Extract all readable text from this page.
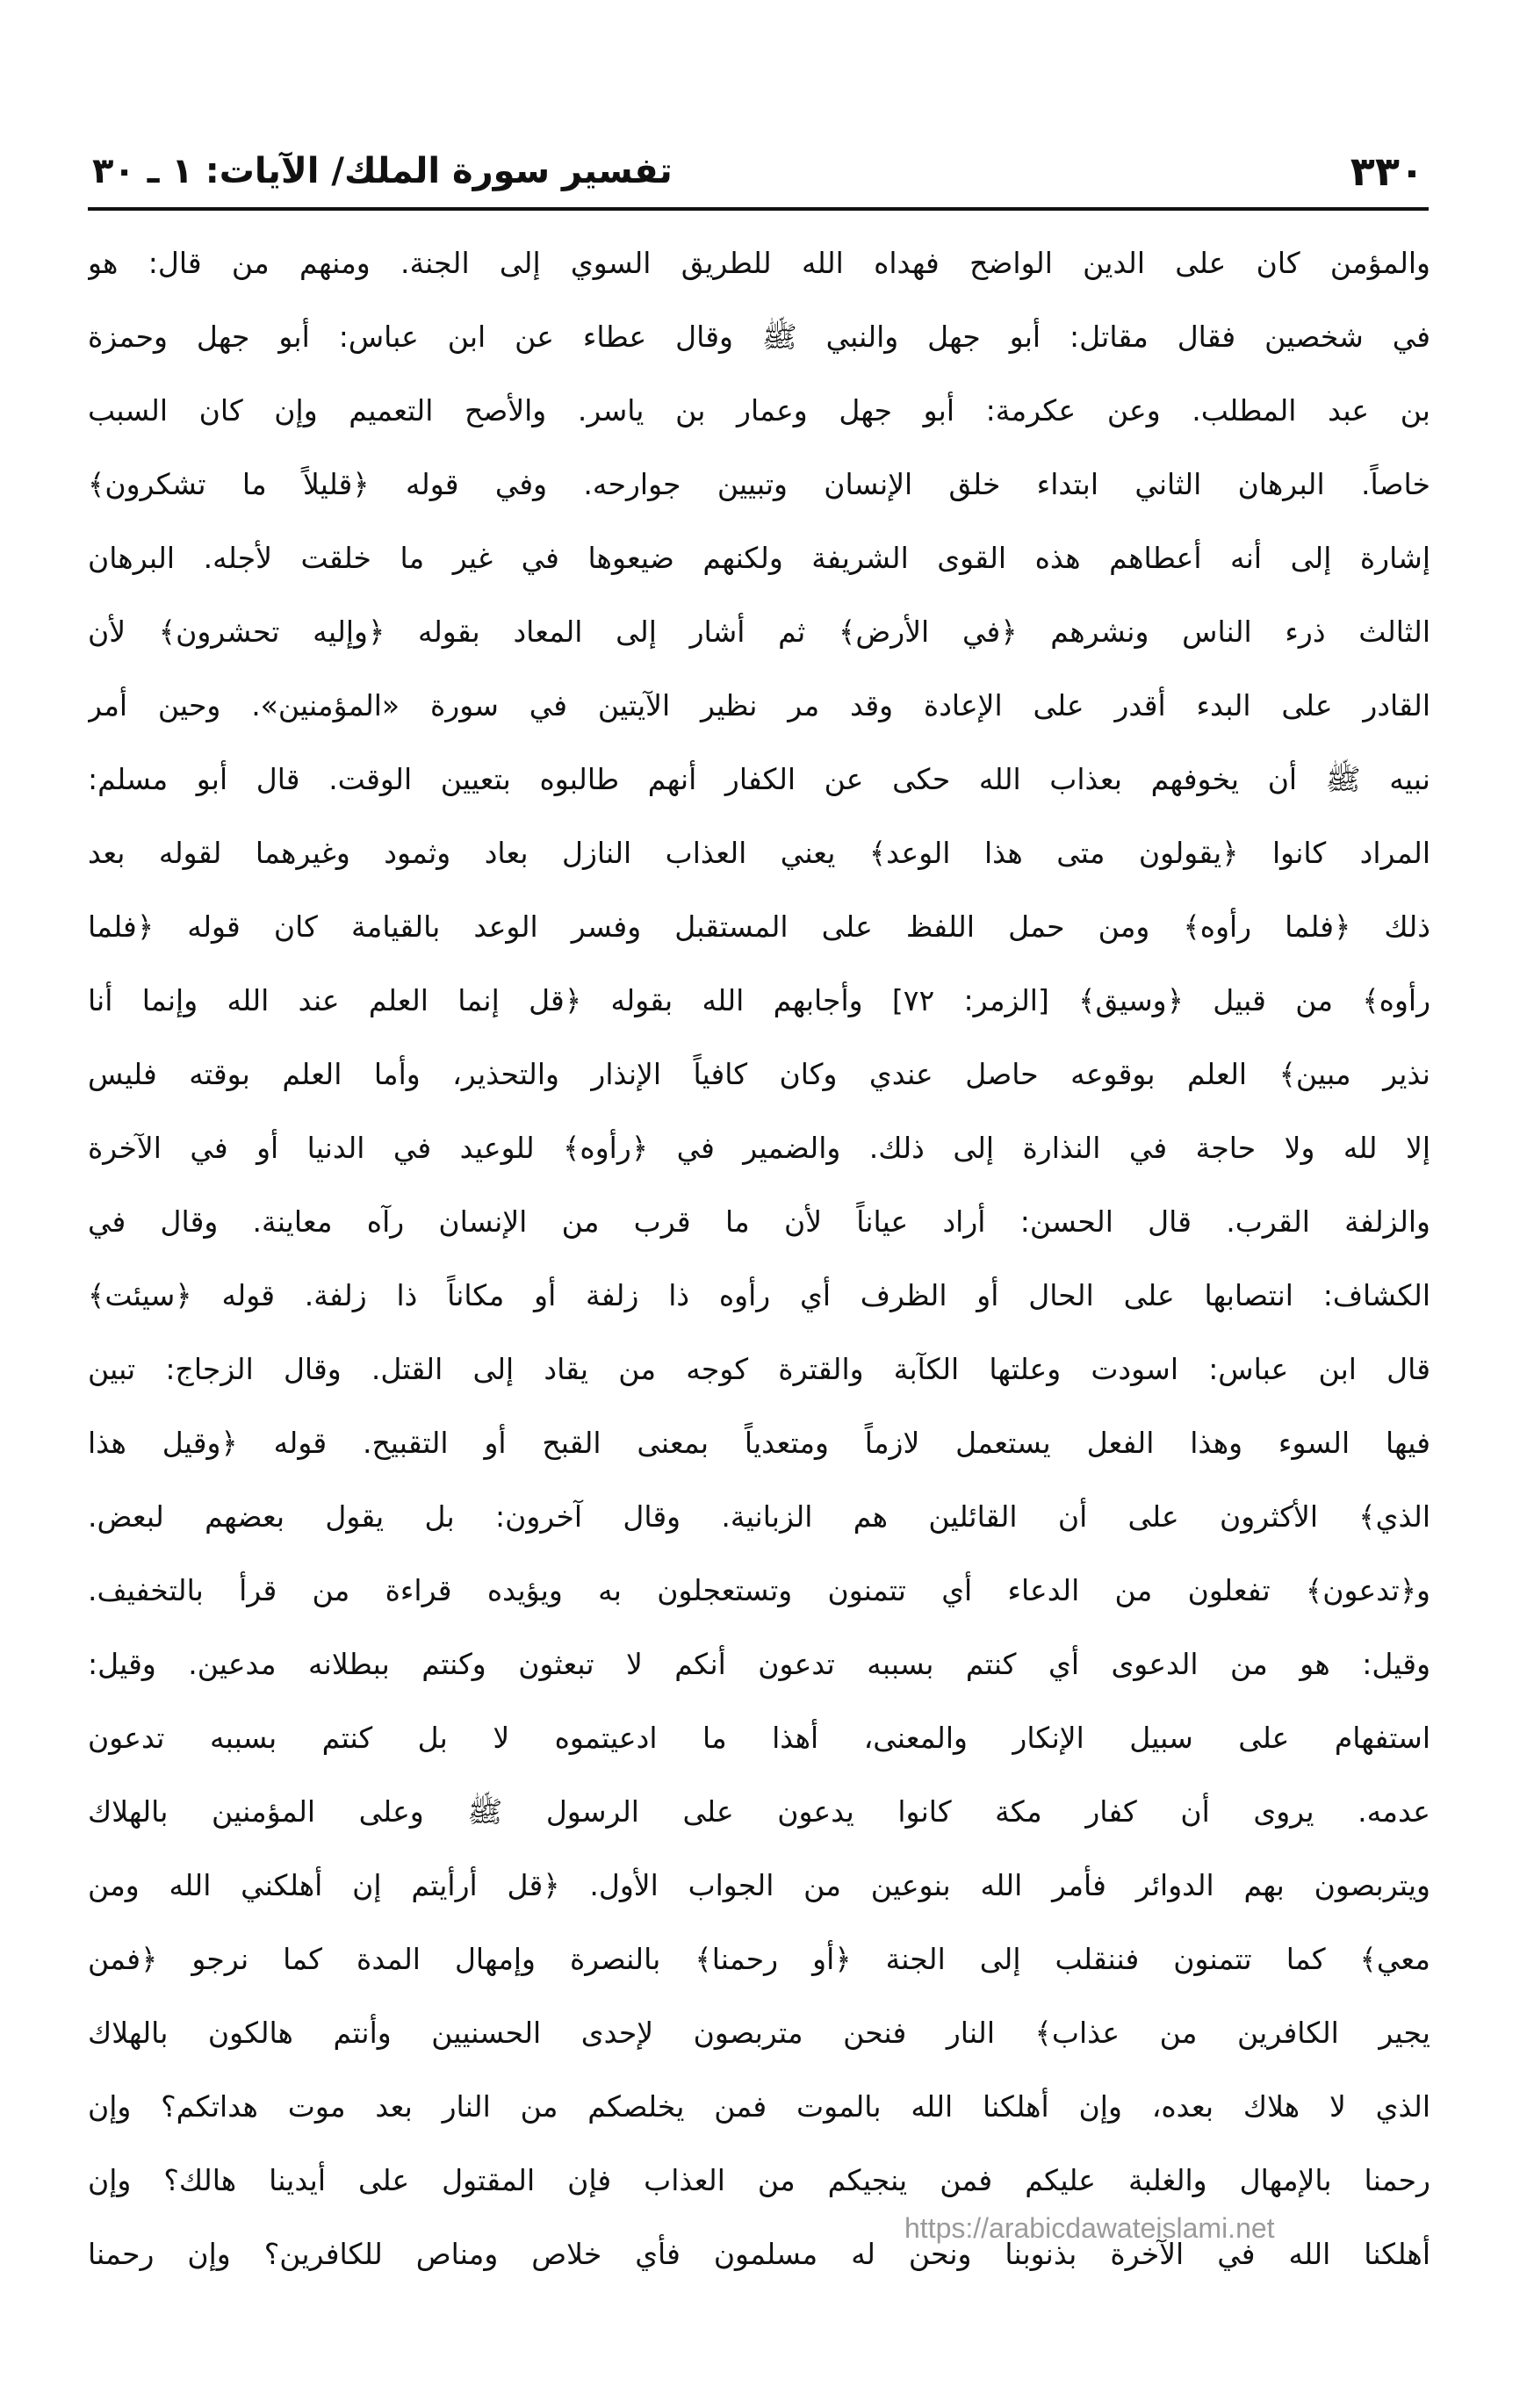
٣٣٠
تفسير سورة الملك/ الآيات: ١ ـ ٣٠
والمؤمن كان على الدين الواضح فهداه الله للطريق السوي إلى الجنة. ومنهم من قال: هو
في شخصين فقال مقاتل: أبو جهل والنبي ﷺ وقال عطاء عن ابن عباس: أبو جهل وحمزة
بن عبد المطلب. وعن عكرمة: أبو جهل وعمار بن ياسر. والأصح التعميم وإن كان السبب
خاصاً. البرهان الثاني ابتداء خلق الإنسان وتبيين جوارحه. وفي قوله ﴿قليلاً ما تشكرون﴾
إشارة إلى أنه أعطاهم هذه القوى الشريفة ولكنهم ضيعوها في غير ما خلقت لأجله. البرهان
الثالث ذرء الناس ونشرهم ﴿في الأرض﴾ ثم أشار إلى المعاد بقوله ﴿وإليه تحشرون﴾ لأن
القادر على البدء أقدر على الإعادة وقد مر نظير الآيتين في سورة «المؤمنين». وحين أمر
نبيه ﷺ أن يخوفهم بعذاب الله حكى عن الكفار أنهم طالبوه بتعيين الوقت. قال أبو مسلم:
المراد كانوا ﴿يقولون متى هذا الوعد﴾ يعني العذاب النازل بعاد وثمود وغيرهما لقوله بعد
ذلك ﴿فلما رأوه﴾ ومن حمل اللفظ على المستقبل وفسر الوعد بالقيامة كان قوله ﴿فلما
رأوه﴾ من قبيل ﴿وسيق﴾ [الزمر: ٧٢] وأجابهم الله بقوله ﴿قل إنما العلم عند الله وإنما أنا
نذير مبين﴾ العلم بوقوعه حاصل عندي وكان كافياً الإنذار والتحذير، وأما العلم بوقته فليس
إلا لله ولا حاجة في النذارة إلى ذلك. والضمير في ﴿رأوه﴾ للوعيد في الدنيا أو في الآخرة
والزلفة القرب. قال الحسن: أراد عياناً لأن ما قرب من الإنسان رآه معاينة. وقال في
الكشاف: انتصابها على الحال أو الظرف أي رأوه ذا زلفة أو مكاناً ذا زلفة. قوله ﴿سيئت﴾
قال ابن عباس: اسودت وعلتها الكآبة والقترة كوجه من يقاد إلى القتل. وقال الزجاج: تبين
فيها السوء وهذا الفعل يستعمل لازماً ومتعدياً بمعنى القبح أو التقبيح. قوله ﴿وقيل هذا
الذي﴾ الأكثرون على أن القائلين هم الزبانية. وقال آخرون: بل يقول بعضهم لبعض.
و﴿تدعون﴾ تفعلون من الدعاء أي تتمنون وتستعجلون به ويؤيده قراءة من قرأ بالتخفيف.
وقيل: هو من الدعوى أي كنتم بسببه تدعون أنكم لا تبعثون وكنتم ببطلانه مدعين. وقيل:
استفهام على سبيل الإنكار والمعنى، أهذا ما ادعيتموه لا بل كنتم بسببه تدعون
عدمه. يروى أن كفار مكة كانوا يدعون على الرسول ﷺ وعلى المؤمنين بالهلاك
ويتربصون بهم الدوائر فأمر الله بنوعين من الجواب الأول. ﴿قل أرأيتم إن أهلكني الله ومن
معي﴾ كما تتمنون فننقلب إلى الجنة ﴿أو رحمنا﴾ بالنصرة وإمهال المدة كما نرجو ﴿فمن
يجير الكافرين من عذاب﴾ النار فنحن متربصون لإحدى الحسنيين وأنتم هالكون بالهلاك
الذي لا هلاك بعده، وإن أهلكنا الله بالموت فمن يخلصكم من النار بعد موت هداتكم؟ وإن
رحمنا بالإمهال والغلبة عليكم فمن ينجيكم من العذاب فإن المقتول على أيدينا هالك؟ وإن
أهلكنا الله في الآخرة بذنوبنا ونحن له مسلمون فأي خلاص ومناص للكافرين؟ وإن رحمنا
https://arabicdawateislami.net
